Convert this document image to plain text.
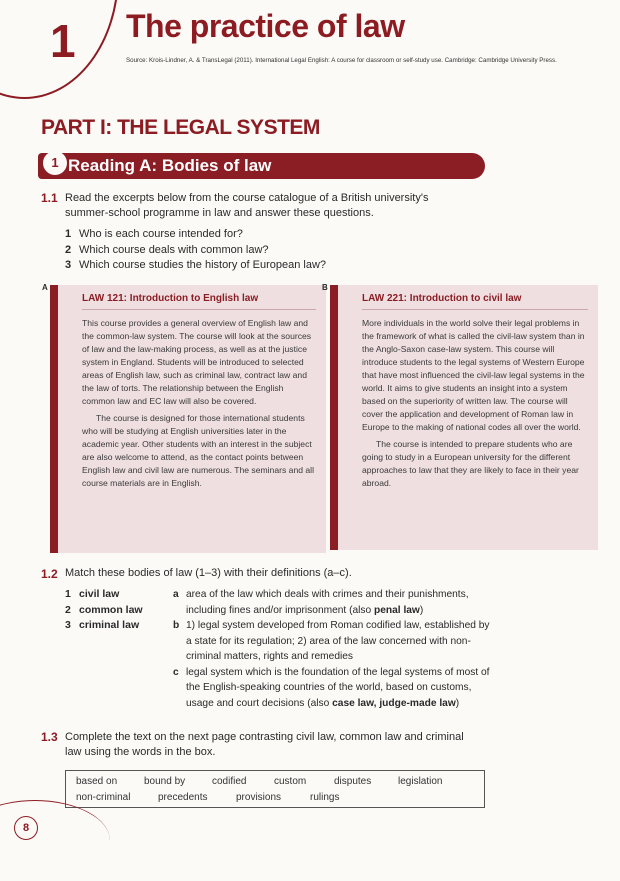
1 The practice of law
Source: Krois-Lindner, A. & TransLegal (2011). International Legal English: A course for classroom or self-study use. Cambridge: Cambridge University Press.
PART I: THE LEGAL SYSTEM
1 Reading A: Bodies of law
1.1 Read the excerpts below from the course catalogue of a British university's summer-school programme in law and answer these questions.
1 Who is each course intended for?
2 Which course deals with common law?
3 Which course studies the history of European law?
A
LAW 121: Introduction to English law

This course provides a general overview of English law and the common-law system. The course will look at the sources of law and the law-making process, as well as at the justice system in England. Students will be introduced to selected areas of English law, such as criminal law, contract law and the law of torts. The relationship between the English common law and EC law will also be covered.

The course is designed for those international students who will be studying at English universities later in the academic year. Other students with an interest in the subject are also welcome to attend, as the contact points between English law and civil law are numerous. The seminars and all course materials are in English.

B
LAW 221: Introduction to civil law

More individuals in the world solve their legal problems in the framework of what is called the civil-law system than in the Anglo-Saxon case-law system. This course will introduce students to the legal systems of Western Europe that have most influenced the civil-law legal systems in the world. It aims to give students an insight into a system based on the superiority of written law. The course will cover the application and development of Roman law in Europe to the making of national codes all over the world.

The course is intended to prepare students who are going to study in a European university for the different approaches to law that they are likely to face in their year abroad.

1.2 Match these bodies of law (1–3) with their definitions (a–c).
1 civil law
2 common law
3 criminal law
a area of the law which deals with crimes and their punishments, including fines and/or imprisonment (also penal law)
b 1) legal system developed from Roman codified law, established by a state for its regulation; 2) area of the law concerned with non-criminal matters, rights and remedies
c legal system which is the foundation of the legal systems of most of the English-speaking countries of the world, based on customs, usage and court decisions (also case law, judge-made law)
1.3 Complete the text on the next page contrasting civil law, common law and criminal law using the words in the box.
based on	bound by	codified	custom	disputes	legislation
non-criminal	precedents	provisions	rulings
8
